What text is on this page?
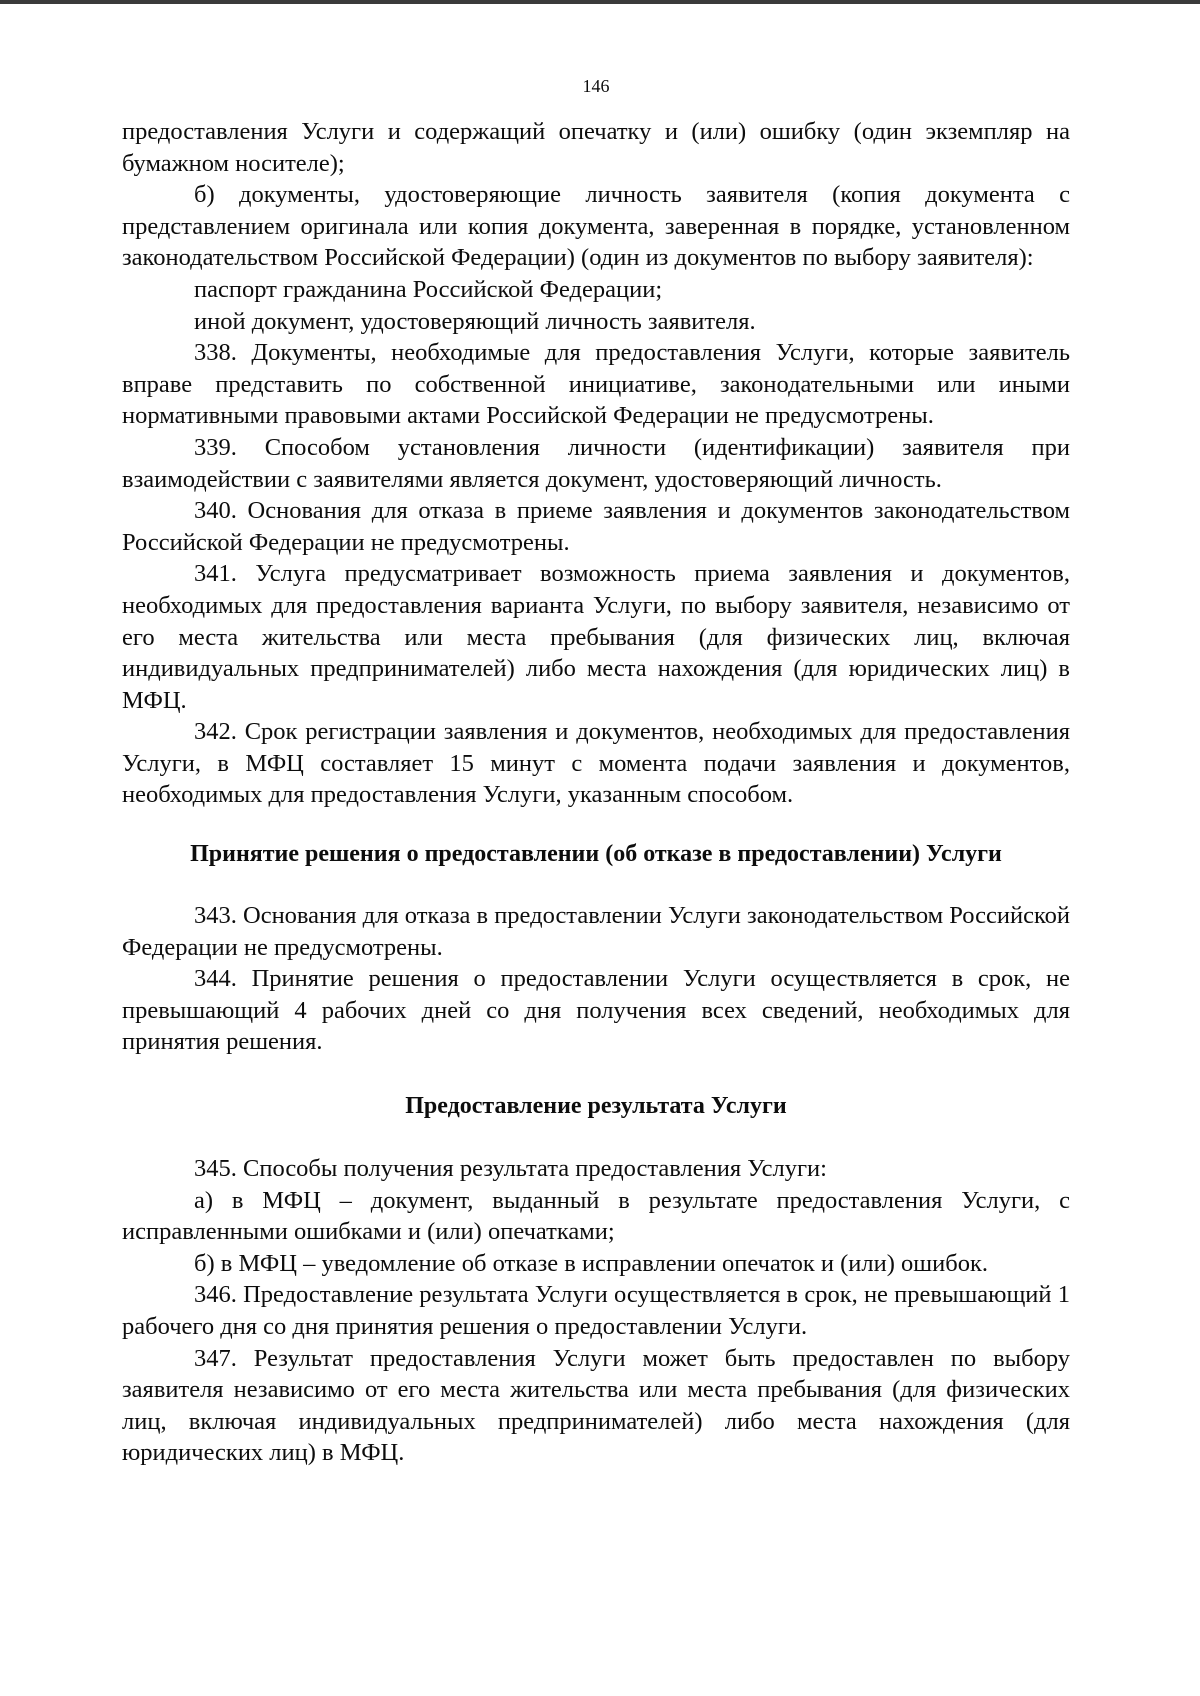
146

предоставления Услуги и содержащий опечатку и (или) ошибку (один экземпляр на бумажном носителе);

б) документы, удостоверяющие личность заявителя (копия документа с представлением оригинала или копия документа, заверенная в порядке, установленном законодательством Российской Федерации) (один из документов по выбору заявителя):

паспорт гражданина Российской Федерации;

иной документ, удостоверяющий личность заявителя.

338. Документы, необходимые для предоставления Услуги, которые заявитель вправе представить по собственной инициативе, законодательными или иными нормативными правовыми актами Российской Федерации не предусмотрены.

339. Способом установления личности (идентификации) заявителя при взаимодействии с заявителями является документ, удостоверяющий личность.

340. Основания для отказа в приеме заявления и документов законодательством Российской Федерации не предусмотрены.

341. Услуга предусматривает возможность приема заявления и документов, необходимых для предоставления варианта Услуги, по выбору заявителя, независимо от его места жительства или места пребывания (для физических лиц, включая индивидуальных предпринимателей) либо места нахождения (для юридических лиц) в МФЦ.

342. Срок регистрации заявления и документов, необходимых для предоставления Услуги, в МФЦ составляет 15 минут с момента подачи заявления и документов, необходимых для предоставления Услуги, указанным способом.

Принятие решения о предоставлении (об отказе в предоставлении) Услуги

343. Основания для отказа в предоставлении Услуги законодательством Российской Федерации не предусмотрены.

344. Принятие решения о предоставлении Услуги осуществляется в срок, не превышающий 4 рабочих дней со дня получения всех сведений, необходимых для принятия решения.

Предоставление результата Услуги

345. Способы получения результата предоставления Услуги:

а) в МФЦ – документ, выданный в результате предоставления Услуги, с исправленными ошибками и (или) опечатками;

б) в МФЦ – уведомление об отказе в исправлении опечаток и (или) ошибок.

346. Предоставление результата Услуги осуществляется в срок, не превышающий 1 рабочего дня со дня принятия решения о предоставлении Услуги.

347. Результат предоставления Услуги может быть предоставлен по выбору заявителя независимо от его места жительства или места пребывания (для физических лиц, включая индивидуальных предпринимателей) либо места нахождения (для юридических лиц) в МФЦ.
